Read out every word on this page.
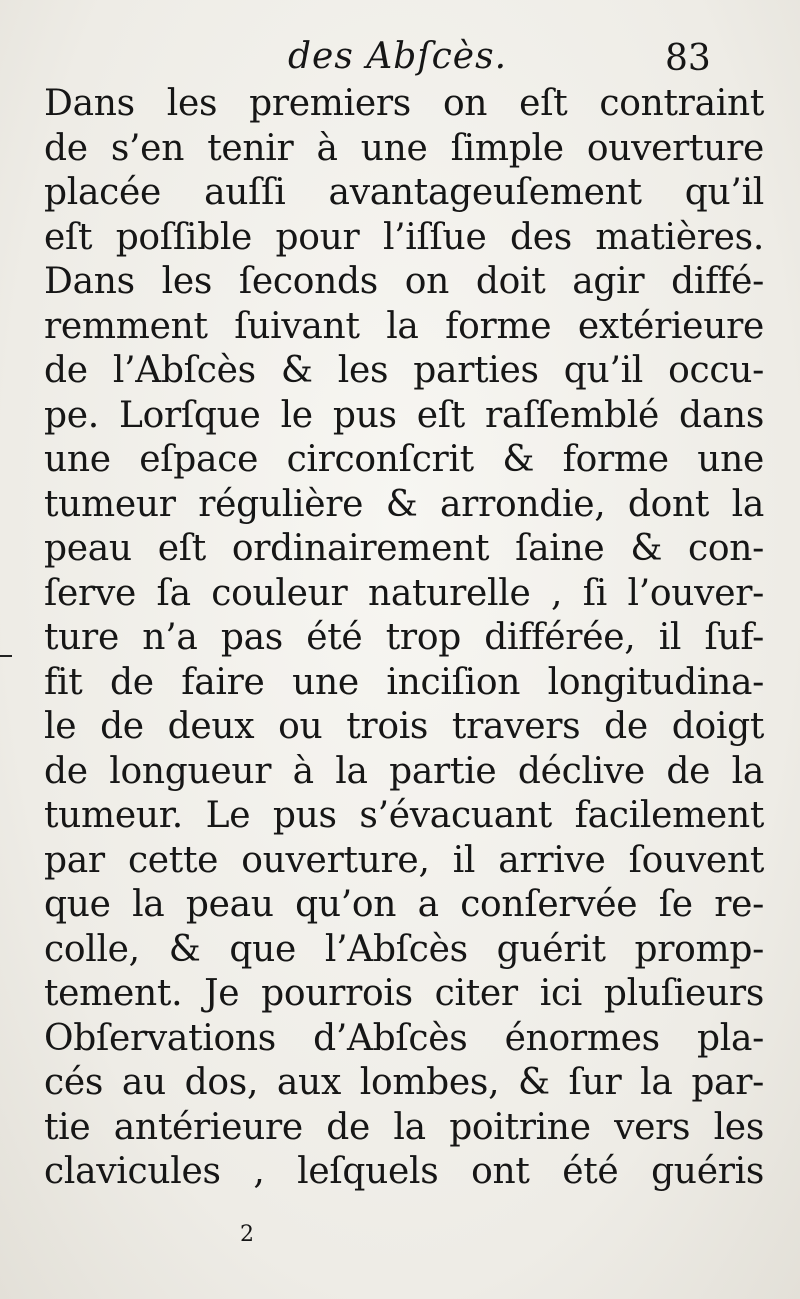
des Abſcès.	83
Dans les premiers on eſt contraint
de s’en tenir à une ſimple ouverture
placée auſſi avantageuſement qu’il
eſt poſſible pour l’iſſue des matières.
Dans les ſeconds on doit agir diffé-
remment ſuivant la forme extérieure
de l’Abſcès & les parties qu’il occu-
pe. Lorſque le pus eſt raſſemblé dans
une eſpace circonſcrit & forme une
tumeur régulière & arrondie, dont la
peau eſt ordinairement ſaine & con-
ſerve ſa couleur naturelle , ſi l’ouver-
ture n’a pas été trop différée, il ſuf-
fit de faire une inciſion longitudina-
le de deux ou trois travers de doigt
de longueur à la partie déclive de la
tumeur. Le pus s’évacuant facilement
par cette ouverture, il arrive ſouvent
que la peau qu’on a conſervée ſe re-
colle, & que l’Abſcès guérit promp-
tement. Je pourrois citer ici pluſieurs
Obſervations d’Abſcès énormes pla-
cés au dos, aux lombes, & ſur la par-
tie antérieure de la poitrine vers les
clavicules , leſquels ont été guéris
2
